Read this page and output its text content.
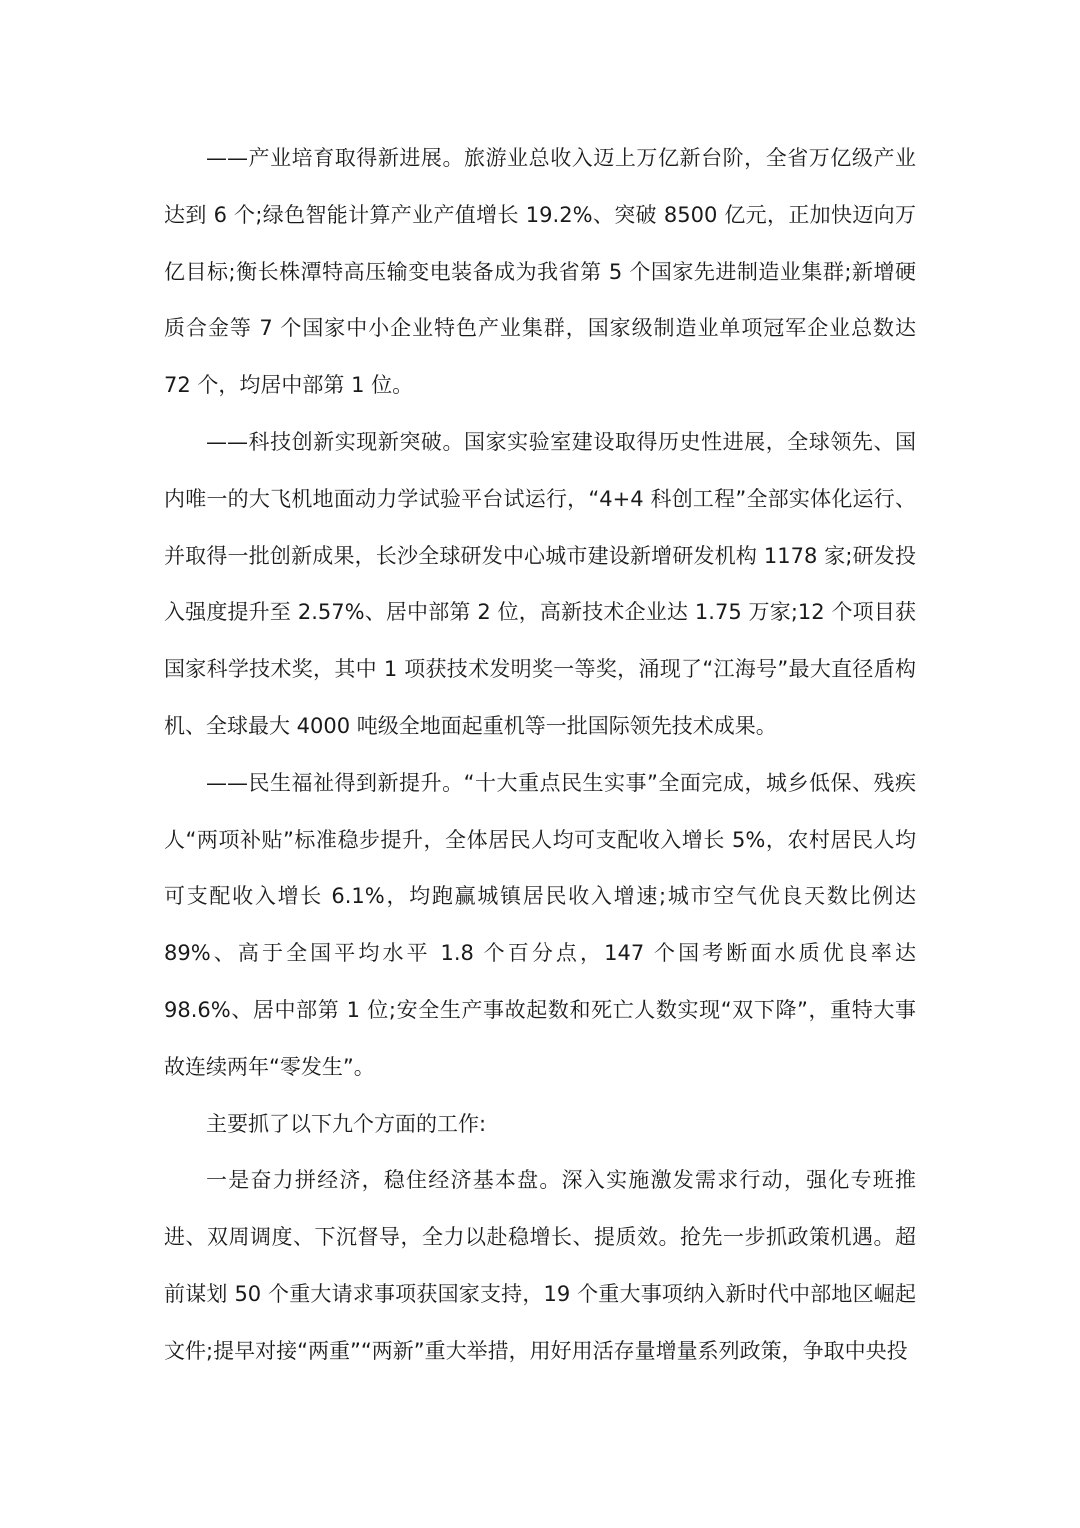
——产业培育取得新进展。旅游业总收入迈上万亿新台阶，全省万亿级产业达到 6 个;绿色智能计算产业产值增长 19.2%、突破 8500 亿元，正加快迈向万亿目标;衡长株潭特高压输变电装备成为我省第 5 个国家先进制造业集群;新增硬质合金等 7 个国家中小企业特色产业集群，国家级制造业单项冠军企业总数达 72 个，均居中部第 1 位。

——科技创新实现新突破。国家实验室建设取得历史性进展，全球领先、国内唯一的大飞机地面动力学试验平台试运行，“4+4 科创工程”全部实体化运行、并取得一批创新成果，长沙全球研发中心城市建设新增研发机构 1178 家;研发投入强度提升至 2.57%、居中部第 2 位，高新技术企业达 1.75 万家;12 个项目获国家科学技术奖，其中 1 项获技术发明奖一等奖，涌现了“江海号”最大直径盾构机、全球最大 4000 吨级全地面起重机等一批国际领先技术成果。

——民生福祉得到新提升。“十大重点民生实事”全面完成，城乡低保、残疾人“两项补贴”标准稳步提升，全体居民人均可支配收入增长 5%，农村居民人均可支配收入增长 6.1%，均跑赢城镇居民收入增速;城市空气优良天数比例达 89%、高于全国平均水平 1.8 个百分点，147 个国考断面水质优良率达 98.6%、居中部第 1 位;安全生产事故起数和死亡人数实现“双下降”，重特大事故连续两年“零发生”。

主要抓了以下九个方面的工作:

一是奋力拼经济，稳住经济基本盘。深入实施激发需求行动，强化专班推进、双周调度、下沉督导，全力以赴稳增长、提质效。抢先一步抓政策机遇。超前谋划 50 个重大请求事项获国家支持，19 个重大事项纳入新时代中部地区崛起文件;提早对接“两重”“两新”重大举措，用好用活存量增量系列政策，争取中央投
